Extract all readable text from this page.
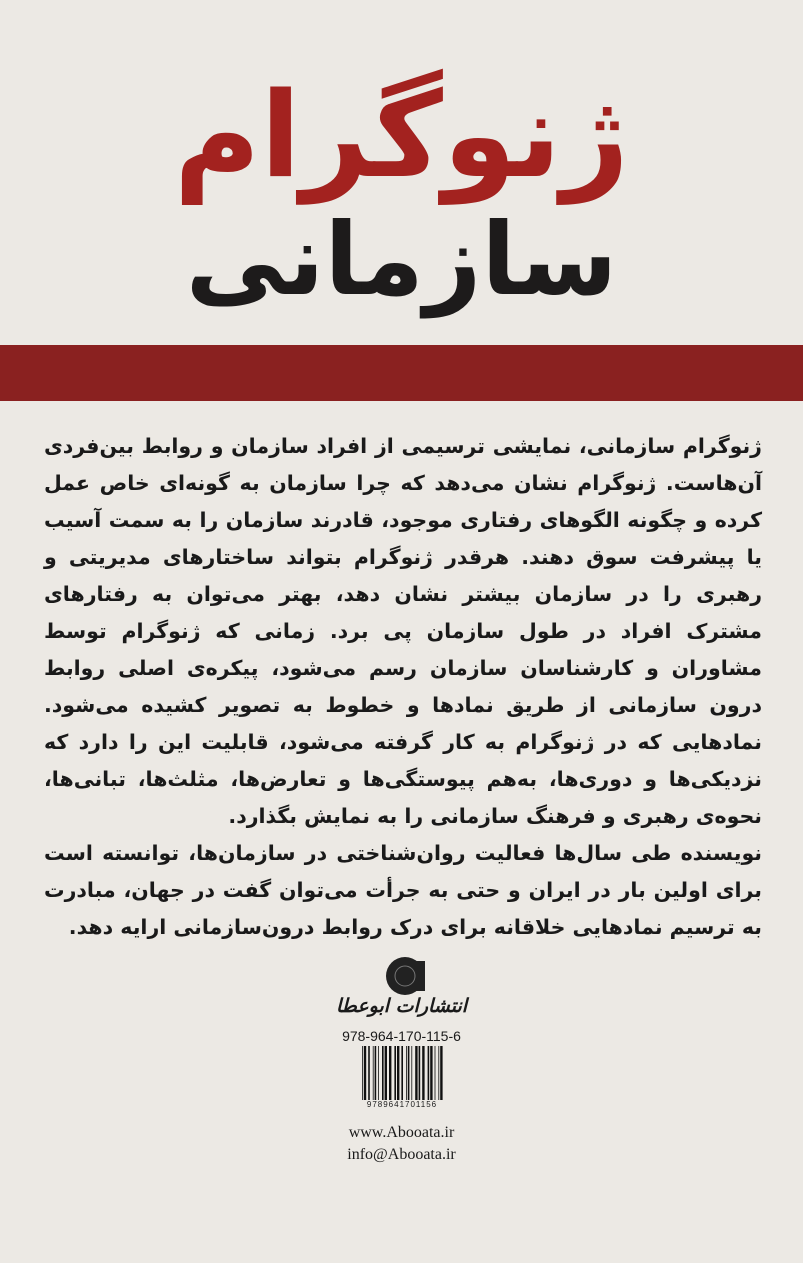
ژنوگرام
سازمانی

ژنوگرام سازمانی، نمایشی ترسیمی از افراد سازمان و روابط بین‌فردی آن‌هاست. ژنوگرام نشان می‌دهد که چرا سازمان به گونه‌ای خاص عمل کرده و چگونه الگوهای رفتاری موجود، قادرند سازمان را به سمت آسیب یا پیشرفت سوق دهند. هرقدر ژنوگرام بتواند ساختارهای مدیریتی و رهبری را در سازمان بیشتر نشان دهد، بهتر می‌توان به رفتارهای مشترک افراد در طول سازمان پی برد. زمانی که ژنوگرام توسط مشاوران و کارشناسان سازمان رسم می‌شود، پیکره‌ی اصلی روابط درون سازمانی از طریق نمادها و خطوط به تصویر کشیده می‌شود. نمادهایی که در ژنوگرام به کار گرفته می‌شود، قابلیت این را دارد که نزدیکی‌ها و دوری‌ها، به‌هم پیوستگی‌ها و تعارض‌ها، مثلث‌ها، تبانی‌ها، نحوه‌ی رهبری و فرهنگ سازمانی را به نمایش بگذارد.

نویسنده طی سال‌ها فعالیت روان‌شناختی در سازمان‌ها، توانسته است برای اولین بار در ایران و حتی به جرأت می‌توان گفت در جهان، مبادرت به ترسیم نمادهایی خلاقانه برای درک روابط درون‌سازمانی ارایه دهد.

انتشارات ابوعطا
978-964-170-115-6
9789641701156
www.Abooata.ir
info@Abooata.ir
